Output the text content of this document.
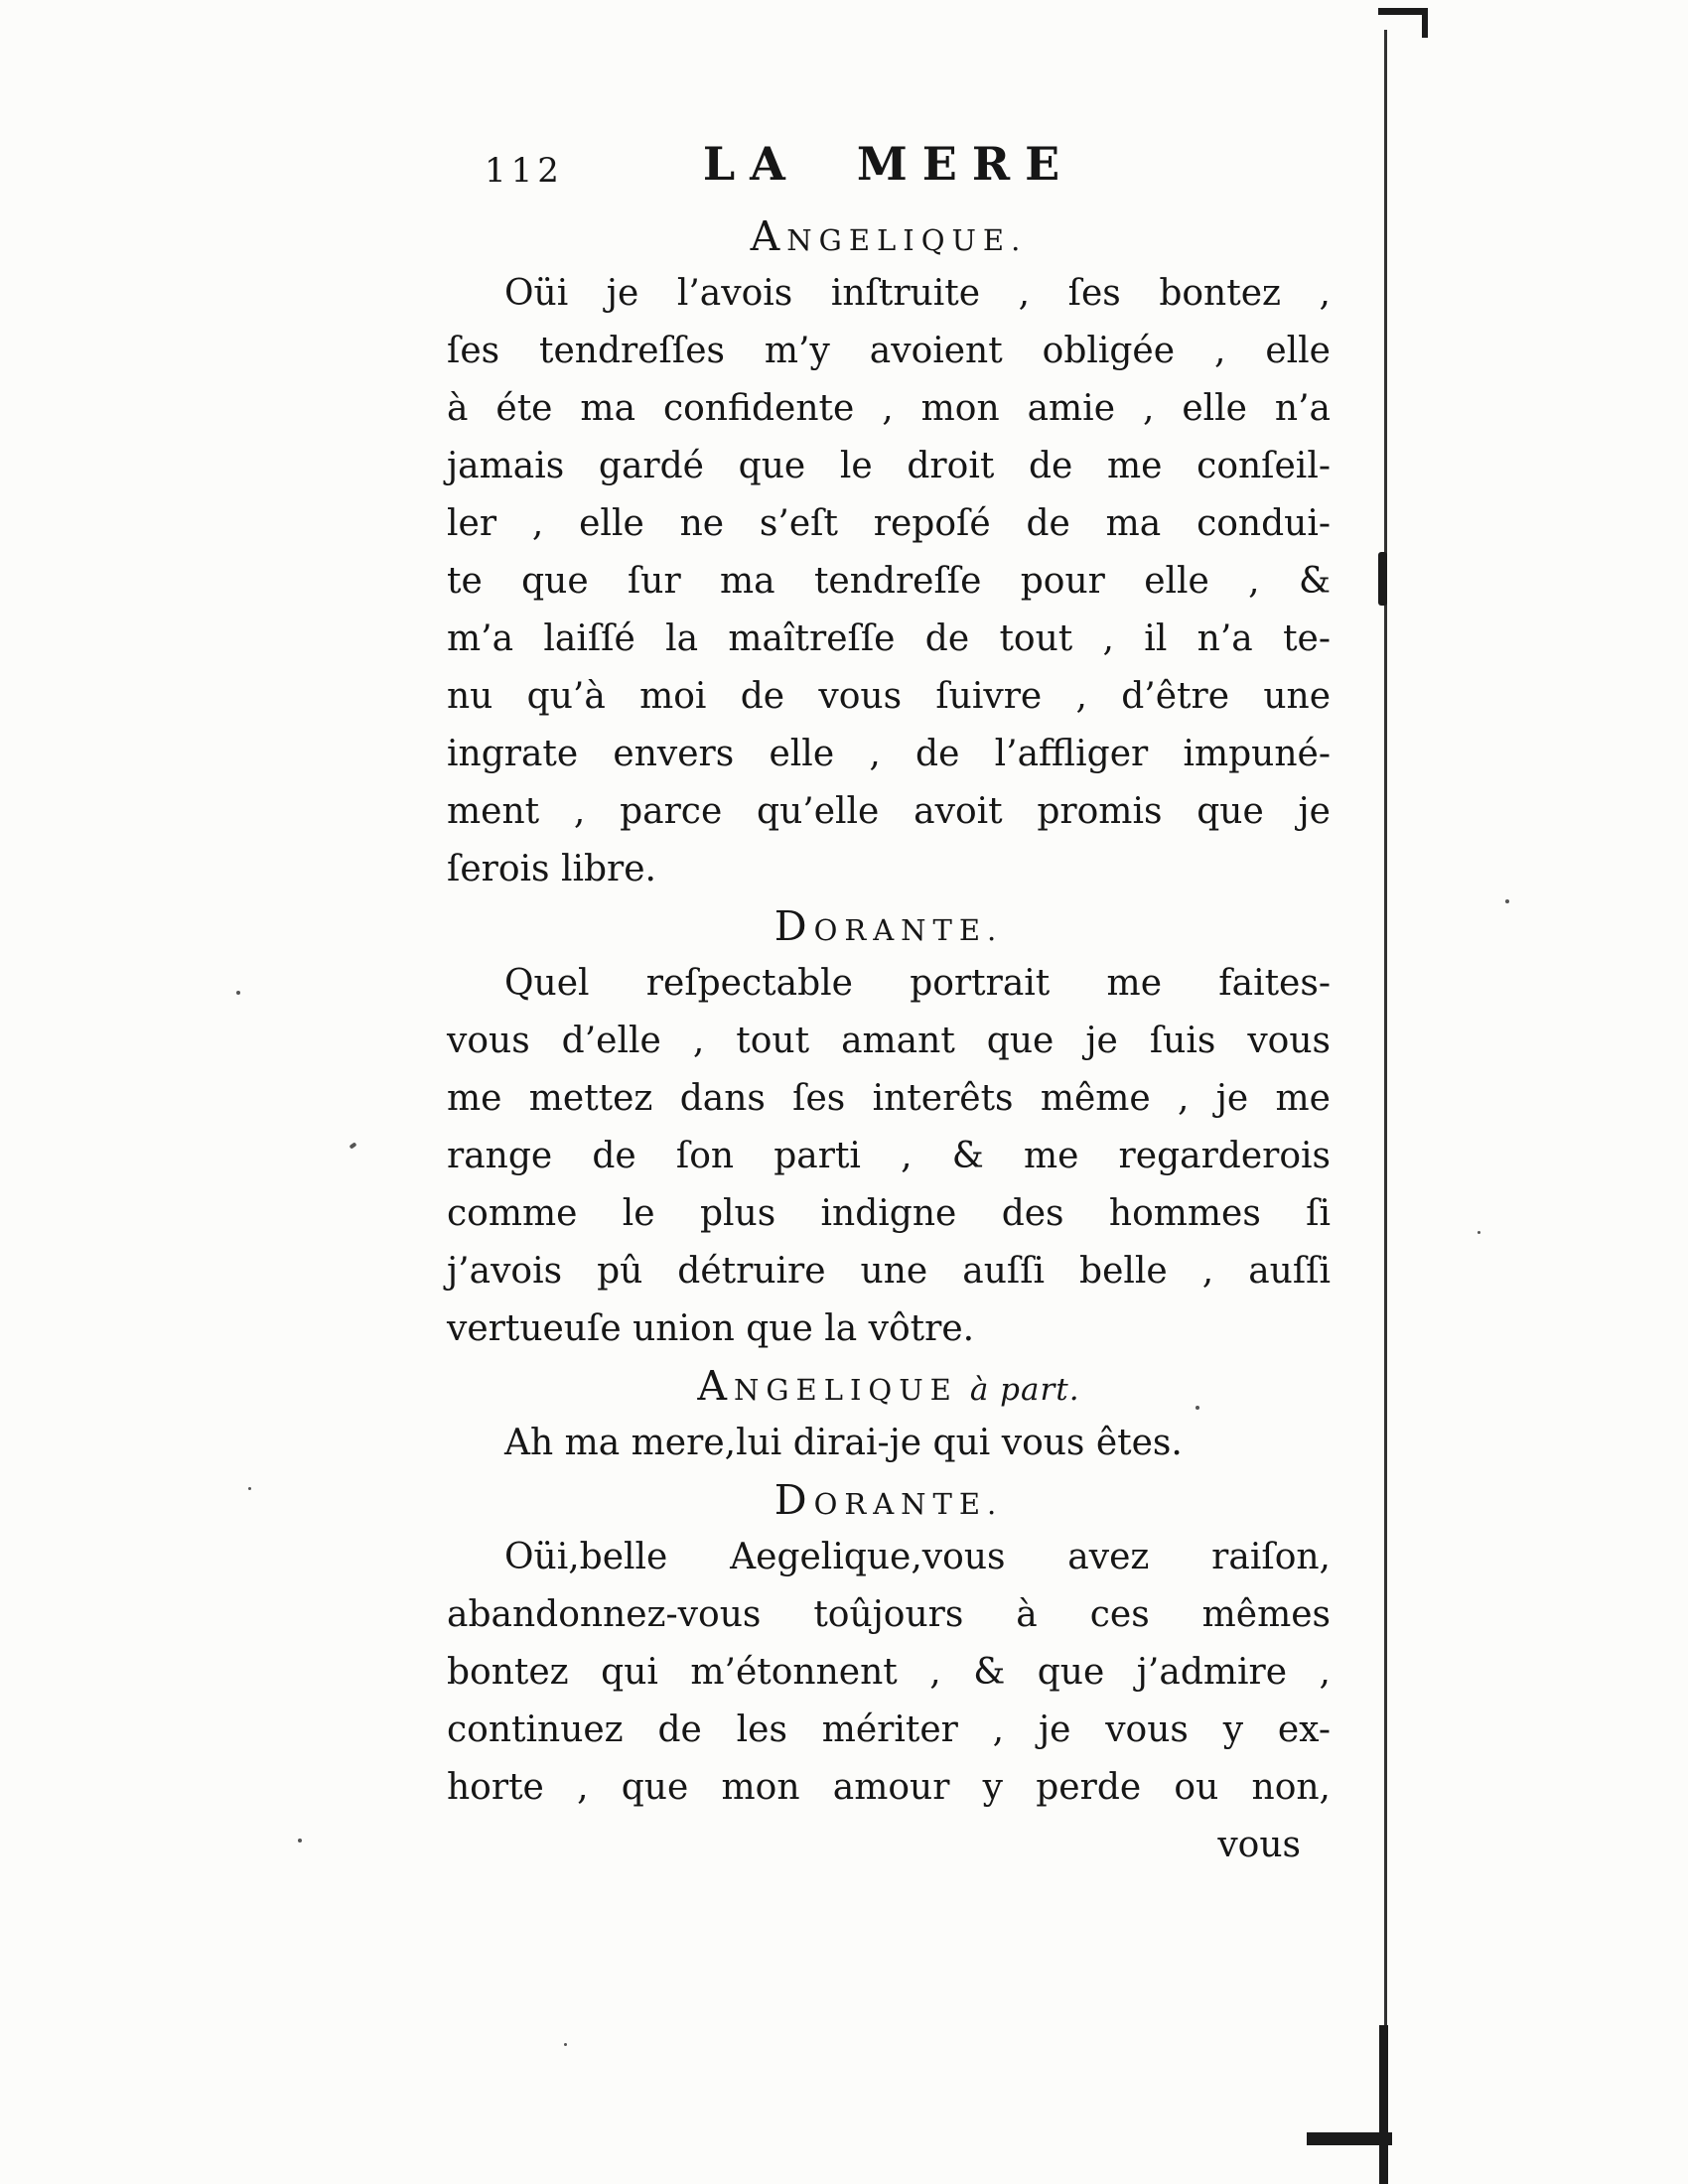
112	LA MERE
ANGELIQUE.
Oüi je l’avois inſtruite , ſes bontez ,
ſes tendreſſes m’y avoient obligée , elle
à éte ma confidente , mon amie , elle n’a
jamais gardé que le droit de me conſeil-
ler , elle ne s’eſt repoſé de ma condui-
te que ſur ma tendreſſe pour elle , &
m’a laiſſé la maîtreſſe de tout , il n’a te-
nu qu’à moi de vous ſuivre , d’être une
ingrate envers elle , de l’affliger impuné-
ment , parce qu’elle avoit promis que je
ſerois libre.
DORANTE.
Quel reſpectable portrait me faites-
vous d’elle , tout amant que je ſuis vous
me mettez dans ſes interêts même , je me
range de ſon parti , & me regarderois
comme le plus indigne des hommes ſi
j’avois pû détruire une auſſi belle , auſſi
vertueuſe union que la vôtre.
ANGELIQUE à part.
Ah ma mere,lui dirai-je qui vous êtes.
DORANTE.
Oüi,belle Aegelique,vous avez raiſon,
abandonnez-vous toûjours à ces mêmes
bontez qui m’étonnent , & que j’admire ,
continuez de les mériter , je vous y ex-
horte , que mon amour y perde ou non,
vous
